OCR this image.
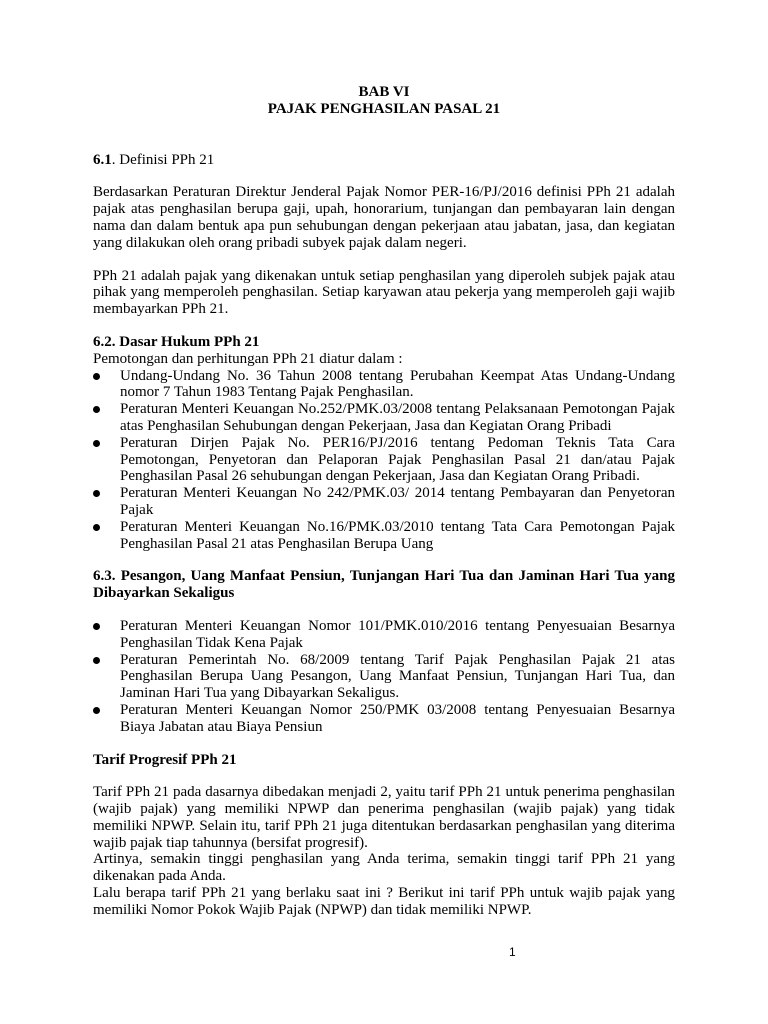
BAB VI

PAJAK PENGHASILAN PASAL 21

6.1. Definisi PPh 21

Berdasarkan Peraturan Direktur Jenderal Pajak Nomor PER-16/PJ/2016 definisi PPh 21 adalah pajak atas penghasilan berupa gaji, upah, honorarium, tunjangan dan pembayaran lain dengan nama dan dalam bentuk apa pun sehubungan dengan pekerjaan atau jabatan, jasa, dan kegiatan yang dilakukan oleh orang pribadi subyek pajak dalam negeri.

PPh 21 adalah pajak yang dikenakan untuk setiap penghasilan yang diperoleh subjek pajak atau pihak yang memperoleh penghasilan. Setiap karyawan atau pekerja yang memperoleh gaji wajib membayarkan PPh 21.

6.2. Dasar Hukum PPh 21

Pemotongan dan perhitungan PPh 21 diatur dalam :

Undang-Undang No. 36 Tahun 2008 tentang Perubahan Keempat Atas Undang-Undang nomor 7 Tahun 1983 Tentang Pajak Penghasilan.
Peraturan Menteri Keuangan No.252/PMK.03/2008 tentang Pelaksanaan Pemotongan Pajak atas Penghasilan Sehubungan dengan Pekerjaan, Jasa dan Kegiatan Orang Pribadi
Peraturan Dirjen Pajak No. PER16/PJ/2016 tentang Pedoman Teknis Tata Cara Pemotongan, Penyetoran dan Pelaporan Pajak Penghasilan Pasal 21 dan/atau Pajak Penghasilan Pasal 26 sehubungan dengan Pekerjaan, Jasa dan Kegiatan Orang Pribadi.
Peraturan Menteri Keuangan No 242/PMK.03/ 2014 tentang Pembayaran dan Penyetoran Pajak
Peraturan Menteri Keuangan No.16/PMK.03/2010 tentang Tata Cara Pemotongan Pajak Penghasilan Pasal 21 atas Penghasilan Berupa Uang

6.3. Pesangon, Uang Manfaat Pensiun, Tunjangan Hari Tua dan Jaminan Hari Tua yang Dibayarkan Sekaligus

Peraturan Menteri Keuangan Nomor 101/PMK.010/2016 tentang Penyesuaian Besarnya Penghasilan Tidak Kena Pajak
Peraturan Pemerintah No. 68/2009 tentang Tarif Pajak Penghasilan Pajak 21 atas Penghasilan Berupa Uang Pesangon, Uang Manfaat Pensiun, Tunjangan Hari Tua, dan Jaminan Hari Tua yang Dibayarkan Sekaligus.
Peraturan Menteri Keuangan Nomor 250/PMK 03/2008 tentang Penyesuaian Besarnya Biaya Jabatan atau Biaya Pensiun

Tarif Progresif PPh 21

Tarif PPh 21 pada dasarnya dibedakan menjadi 2, yaitu tarif PPh 21 untuk penerima penghasilan (wajib pajak) yang memiliki NPWP dan penerima penghasilan (wajib pajak) yang tidak memiliki NPWP. Selain itu, tarif PPh 21 juga ditentukan berdasarkan penghasilan yang diterima wajib pajak tiap tahunnya (bersifat progresif).

Artinya, semakin tinggi penghasilan yang Anda terima, semakin tinggi tarif PPh 21 yang dikenakan pada Anda.

Lalu berapa tarif PPh 21 yang berlaku saat ini ? Berikut ini tarif PPh untuk wajib pajak yang memiliki Nomor Pokok Wajib Pajak (NPWP) dan tidak memiliki NPWP.

1
